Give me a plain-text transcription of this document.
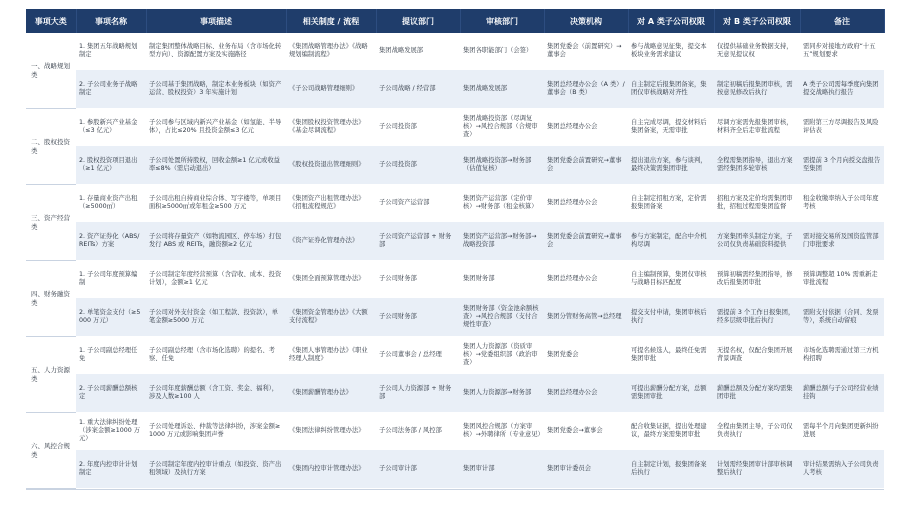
事项大类	事项名称	事项描述	相关制度 / 流程	提议部门	审核部门	决策机构	对 A 类子公司权限	对 B 类子公司权限	备注
一、战略规划类	1. 集团五年战略规划制定	制定集团整体战略目标、业务布局（含市场化转型方向）、资源配置方案及实施路径	《集团战略管理办法》《战略规划编制流程》	集团战略发展部	集团各职能部门（会签）	集团党委会（前置研究）→董事会	参与战略意见征集，提交本板块业务需求建议	仅提供基础业务数据支持，无意见提议权	需同步对接地方政府“十五五”规划要求
	2. 子公司业务子战略制定	子公司基于集团战略，制定本业务板块（如资产运营、股权投资）3 年实施计划	《子公司战略管理细则》	子公司战略 / 经营部	集团战略发展部	集团总经理办公会（A 类）/ 董事会（B 类）	自主制定后报集团备案，集团仅审核战略对齐性	制定初稿后报集团审核，需按意见修改后执行	A 类子公司需每季度向集团提交战略执行报告
二、股权投资类	1. 参股新兴产业基金（≤3 亿元）	子公司参与区域内新兴产业基金（如氢能、半导体），占比≤20% 且投资金额≤3 亿元	《集团股权投资管理办法》《基金尽调流程》	子公司投资部	集团战略投资部（尽调复核）→风控合规部（合规审查）	集团总经理办公会	自主完成尽调，提交材料后集团备案，无需审批	尽调方案需先报集团审核，材料齐全后走审批流程	需附第三方尽调报告及风险评估表
	2. 股权投资项目退出（≥1 亿元）	子公司处置所持股权，回收金额≥1 亿元或收益率≤8%（需启动退出）	《股权投资退出管理细则》	子公司投资部	集团战略投资部→财务部（估值复核）	集团党委会前置研究→董事会	提出退出方案，参与谈判，最终决策需集团审批	全程需集团指导，退出方案需经集团多轮审核	需提前 3 个月向授交盘报告至集团
三、资产经营类	1. 存量商业资产出租（≥5000㎡）	子公司出租自持商业综合体、写字楼等，单项目面积≥5000㎡或年租金≥500 万元	《集团资产出租管理办法》《招租流程规范》	子公司资产运营部	集团资产运营部（定价审核）→财务部（租金核算）	集团总经理办公会	自主制定招租方案，定价需报集团备案	招租方案及定价均需集团审批，招租过程需集团监督	租金收缴率纳入子公司年度考核
	2. 资产证券化（ABS/REITs）方案	子公司将存量资产（如物流园区、停车场）打包发行 ABS 或 REITs，融资额≥2 亿元	《资产证券化管理办法》	子公司资产运营部 + 财务部	集团资产运营部→财务部→战略投资部	集团党委会前置研究→董事会	参与方案制定，配合中介机构尽调	方案集团牵头制定方案，子公司仅负责基础资料提供	需对接交易所及国资监管部门审批要求
四、财务融资类	1. 子公司年度预算编制	子公司制定年度经营预算（含营收、成本、投资计划），金额≥1 亿元	《集团全面预算管理办法》	子公司财务部	集团财务部	集团总经理办公会	自主编制预算，集团仅审核与战略目标匹配度	预算初稿需经集团指导，修改后报集团审批	预算调整超 10% 需重新走审批流程
	2. 单笔资金支付（≥5000 万元）	子公司对外支付资金（如工程款、投资款），单笔金额≥5000 万元	《集团资金管理办法》《大额支付流程》	子公司财务部	集团财务部（资金池余额核查）→风控合规部（支付合规性审查）	集团分管财务高管→总经理	提交支付申请，集团审核后执行	需提前 3 个工作日报集团，经多层级审批后执行	需附支付依据（合同、发票等），系统自动留痕
五、人力资源类	1. 子公司副总经理任免	子公司副总经理（含市场化选聘）的提名、考察、任免	《集团人事管理办法》《职业经理人制度》	子公司董事会 / 总经理	集团人力资源部（资质审核）→党委组织部（政治审查）	集团党委会	可提名候选人，最终任免需集团审批	无提名权，仅配合集团开展背景调查	市场化选聘需通过第三方机构招聘
	2. 子公司薪酬总额核定	子公司年度薪酬总额（含工资、奖金、福利），涉及人数≥100 人	《集团薪酬管理办法》	子公司人力资源部 + 财务部	集团人力资源部→财务部	集团总经理办公会	可提出薪酬分配方案，总额需集团审批	薪酬总额及分配方案均需集团审批	薪酬总额与子公司经营业绩挂钩
六、风控合规类	1. 重大法律纠纷处理（涉案金额≥1000 万元）	子公司处理诉讼、仲裁等法律纠纷，涉案金额≥1000 万元或影响集团声誉	《集团法律纠纷管理办法》	子公司法务部 / 风控部	集团风控合规部（方案审核）→外聘律所（专业意见）	集团党委会→董事会	配合收集证据，提出处理建议，最终方案需集团审批	全程由集团主导，子公司仅负责执行	需每半个月向集团更新纠纷进展
	2. 年度内控审计计划制定	子公司制定年度内控审计重点（如投资、资产出租领域）及执行方案	《集团内控审计管理办法》	子公司审计部	集团审计部	集团审计委员会	自主制定计划，报集团备案后执行	计划需经集团审计部审核调整后执行	审计结果需纳入子公司负责人考核
